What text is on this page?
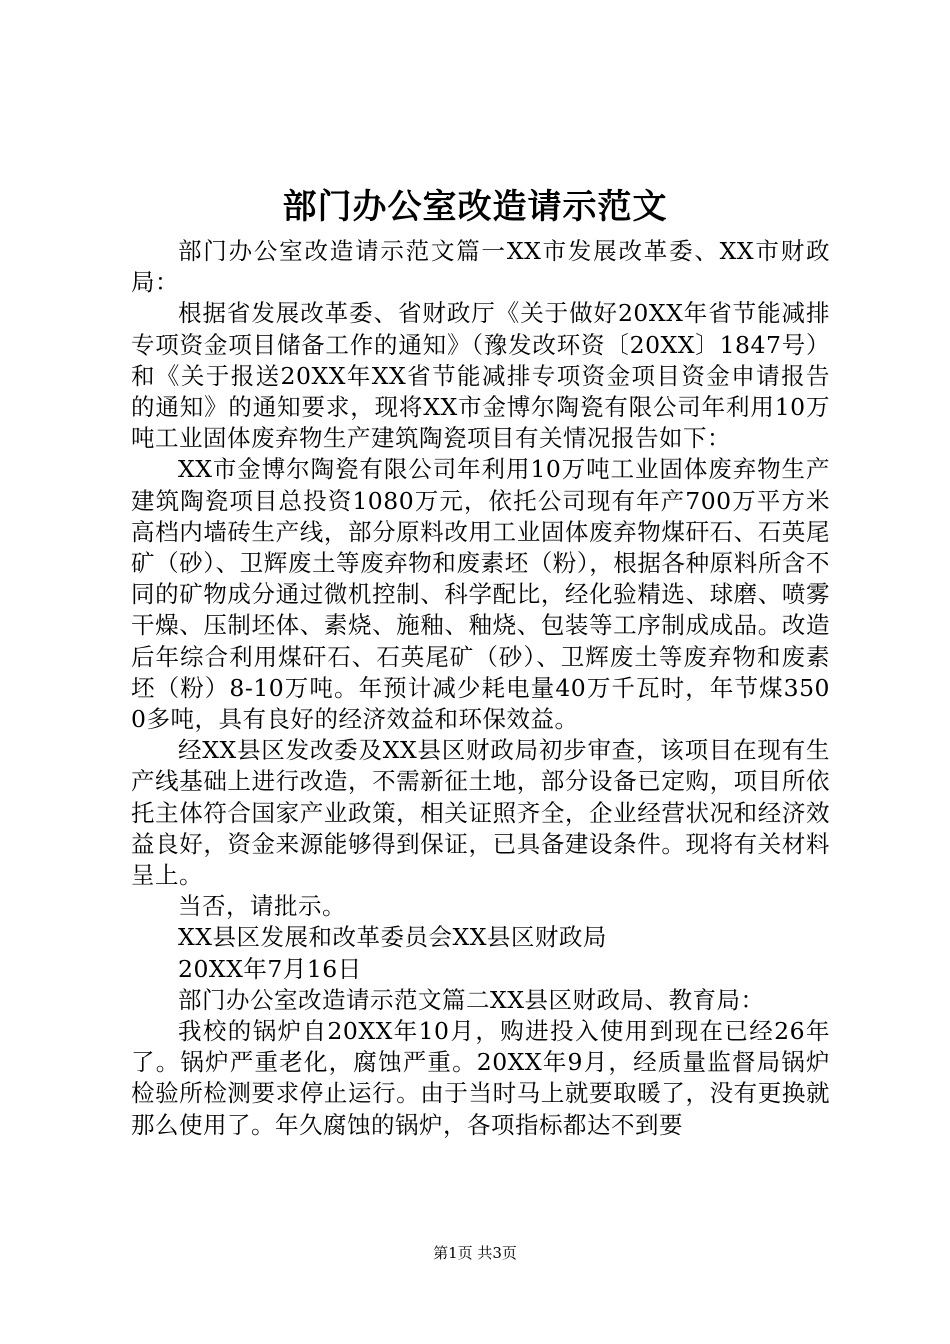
部门办公室改造请示范文

部门办公室改造请示范文篇一XX市发展改革委、XX市财政局：

根据省发展改革委、省财政厅《关于做好20XX年省节能减排专项资金项目储备工作的通知》（豫发改环资〔20XX〕1847号）和《关于报送20XX年XX省节能减排专项资金项目资金申请报告的通知》的通知要求，现将XX市金博尔陶瓷有限公司年利用10万吨工业固体废弃物生产建筑陶瓷项目有关情况报告如下：

XX市金博尔陶瓷有限公司年利用10万吨工业固体废弃物生产建筑陶瓷项目总投资1080万元，依托公司现有年产700万平方米高档内墙砖生产线，部分原料改用工业固体废弃物煤矸石、石英尾矿（砂）、卫辉废土等废弃物和废素坯（粉），根据各种原料所含不同的矿物成分通过微机控制、科学配比，经化验精选、球磨、喷雾干燥、压制坯体、素烧、施釉、釉烧、包装等工序制成成品。改造后年综合利用煤矸石、石英尾矿（砂）、卫辉废土等废弃物和废素坯（粉）8-10万吨。年预计减少耗电量40万千瓦时，年节煤3500多吨，具有良好的经济效益和环保效益。

经XX县区发改委及XX县区财政局初步审查，该项目在现有生产线基础上进行改造，不需新征土地，部分设备已定购，项目所依托主体符合国家产业政策，相关证照齐全，企业经营状况和经济效益良好，资金来源能够得到保证，已具备建设条件。现将有关材料呈上。

当否，请批示。

XX县区发展和改革委员会XX县区财政局

20XX年7月16日

部门办公室改造请示范文篇二XX县区财政局、教育局：

我校的锅炉自20XX年10月，购进投入使用到现在已经26年了。锅炉严重老化，腐蚀严重。20XX年9月，经质量监督局锅炉检验所检测要求停止运行。由于当时马上就要取暖了，没有更换就那么使用了。年久腐蚀的锅炉，各项指标都达不到要

第1页 共3页
